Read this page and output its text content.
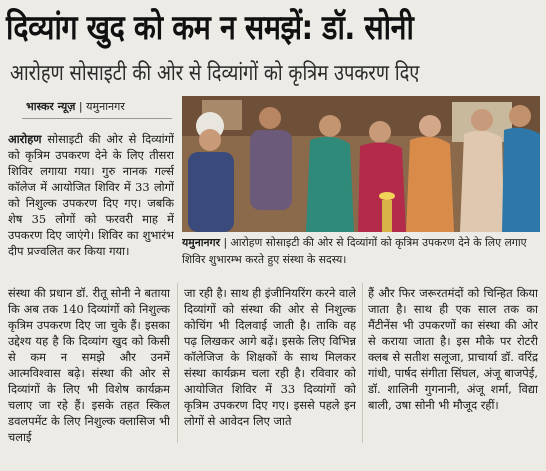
दिव्यांग खुद को कम न समझें: डॉ. सोनी
आरोहण सोसाइटी की ओर से दिव्यांगों को कृत्रिम उपकरण दिए
भास्कर न्यूज़ | यमुनानगर
आरोहण सोसाइटी की ओर से दिव्यांगों को कृत्रिम उपकरण देने के लिए तीसरा शिविर लगाया गया। गुरु नानक गर्ल्स कॉलेज में आयोजित शिविर में 33 लोगों को निशुल्क उपकरण दिए गए। जबकि शेष 35 लोगों को फरवरी माह में उपकरण दिए जाएंगे। शिविर का शुभारंभ दीप प्रज्वलित कर किया गया।
यमुनानगर | आरोहण सोसाइटी की ओर से दिव्यांगों को कृत्रिम उपकरण देने के लिए लगाए शिविर शुभारम्भ करते हुए संस्था के सदस्य।
संस्था की प्रधान डॉ. रीतू सोनी ने बताया कि अब तक 140 दिव्यांगों को निशुल्क कृत्रिम उपकरण दिए जा चुके हैं। इसका उद्देश्य यह है कि दिव्यांग खुद को किसी से कम न समझे और उनमें आत्मविश्वास बढ़े। संस्था की ओर से दिव्यांगों के लिए भी विशेष कार्यक्रम चलाए जा रहे हैं। इसके तहत स्किल डवलपमेंट के लिए निशुल्क क्लासिज भी चलाई
जा रही है। साथ ही इंजीनियरिंग करने वाले दिव्यांगों को संस्था की ओर से निशुल्क कोचिंग भी दिलवाई जाती है। ताकि वह पढ़ लिखकर आगे बढ़ें। इसके लिए विभिन्न कॉलेजिज के शिक्षकों के साथ मिलकर संस्था कार्यक्रम चला रही है। रविवार को आयोजित शिविर में 33 दिव्यांगों को कृत्रिम उपकरण दिए गए। इससे पहले इन लोगों से आवेदन लिए जाते
हैं और फिर जरूरतमंदों को चिन्हित किया जाता है। साथ ही एक साल तक का मैंटीनेंस भी उपकरणों का संस्था की ओर से कराया जाता है। इस मौके पर रोटरी क्लब से सतीश सलूजा, प्राचार्या डॉ. वरिंद्र गांधी, पार्षद संगीता सिंघल, अंजू बाजपेई, डॉ. शालिनी गुगनानी, अंजू शर्मा, विद्या बाली, उषा सोनी भी मौजूद रहीं।
